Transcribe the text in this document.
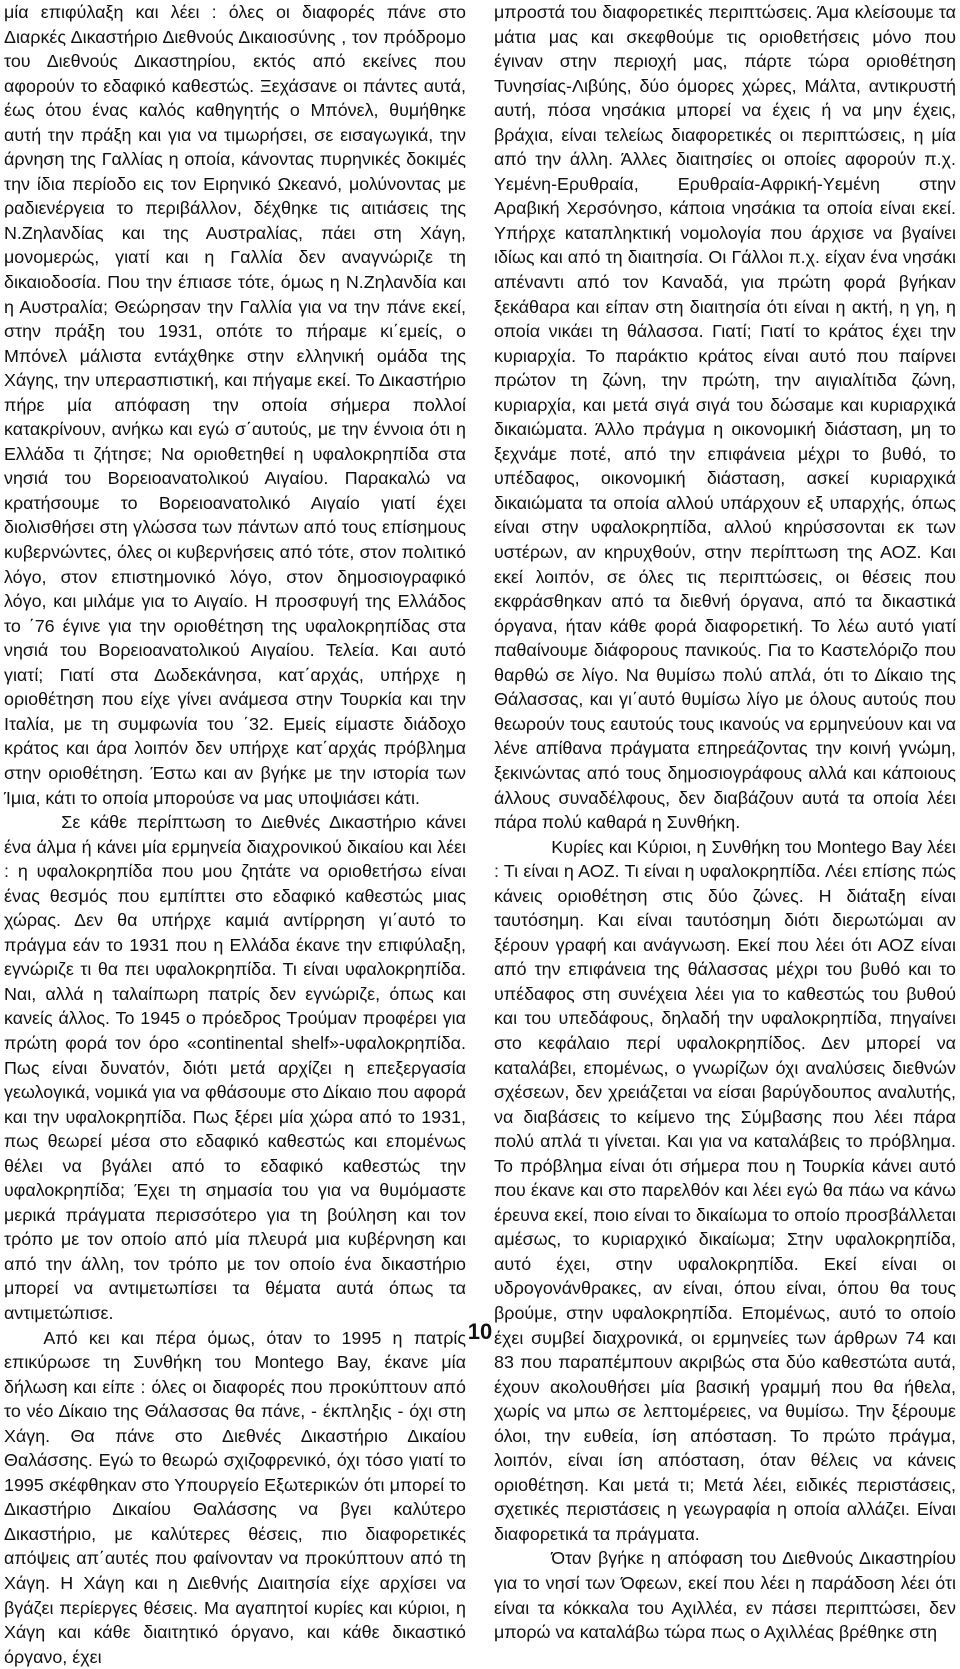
μία επιφύλαξη και λέει : όλες οι διαφορές πάνε στο Διαρκές Δικαστήριο Διεθνούς Δικαιοσύνης , τον πρόδρομο του Διεθνούς Δικαστηρίου, εκτός από εκείνες που αφορούν το εδαφικό καθεστώς. Ξεχάσανε οι πάντες αυτά, έως ότου ένας καλός καθηγητής ο Μπόνελ, θυμήθηκε αυτή την πράξη και για να τιμωρήσει, σε εισαγωγικά, την άρνηση της Γαλλίας η οποία, κάνοντας πυρηνικές δοκιμές την ίδια περίοδο εις τον Ειρηνικό Ωκεανό, μολύνοντας με ραδιενέργεια το περιβάλλον, δέχθηκε τις αιτιάσεις της Ν.Ζηλανδίας και της Αυστραλίας, πάει στη Χάγη, μονομερώς, γιατί και η Γαλλία δεν αναγνώριζε τη δικαιοδοσία. Που την έπιασε τότε, όμως η Ν.Ζηλανδία και η Αυστραλία; Θεώρησαν την Γαλλία για να την πάνε εκεί, στην πράξη του 1931, οπότε το πήραμε κι΄εμείς, ο Μπόνελ μάλιστα εντάχθηκε στην ελληνική ομάδα της Χάγης, την υπερασπιστική, και πήγαμε εκεί. Το Δικαστήριο πήρε μία απόφαση την οποία σήμερα πολλοί κατακρίνουν, ανήκω και εγώ σ΄αυτούς, με την έννοια ότι η Ελλάδα τι ζήτησε; Να οριοθετηθεί η υφαλοκρηπίδα στα νησιά του Βορειοανατολικού Αιγαίου. Παρακαλώ να κρατήσουμε το Βορειοανατολικό Αιγαίο γιατί έχει διολισθήσει στη γλώσσα των πάντων από τους επίσημους κυβερνώντες, όλες οι κυβερνήσεις από τότε, στον πολιτικό λόγο, στον επιστημονικό λόγο, στον δημοσιογραφικό λόγο, και μιλάμε για το Αιγαίο. Η προσφυγή της Ελλάδος το ΄76 έγινε για την οριοθέτηση της υφαλοκρηπίδας στα νησιά του Βορειοανατολικού Αιγαίου. Τελεία. Και αυτό γιατί; Γιατί στα Δωδεκάνησα, κατ΄αρχάς, υπήρχε η οριοθέτηση που είχε γίνει ανάμεσα στην Τουρκία και την Ιταλία, με τη συμφωνία του ΄32. Εμείς είμαστε διάδοχο κράτος και άρα λοιπόν δεν υπήρχε κατ΄αρχάς πρόβλημα στην οριοθέτηση. Έστω και αν βγήκε με την ιστορία των Ίμια, κάτι το οποία μπορούσε να μας υποψιάσει κάτι.

Σε κάθε περίπτωση το Διεθνές Δικαστήριο κάνει ένα άλμα ή κάνει μία ερμηνεία διαχρονικού δικαίου και λέει : η υφαλοκρηπίδα που μου ζητάτε να οριοθετήσω είναι ένας θεσμός που εμπίπτει στο εδαφικό καθεστώς μιας χώρας. Δεν θα υπήρχε καμιά αντίρρηση γι΄αυτό το πράγμα εάν το 1931 που η Ελλάδα έκανε την επιφύλαξη, εγνώριζε τι θα πει υφαλοκρηπίδα. Τι είναι υφαλοκρηπίδα. Ναι, αλλά η ταλαίπωρη πατρίς δεν εγνώριζε, όπως και κανείς άλλος. Το 1945 ο πρόεδρος Τρούμαν προφέρει για πρώτη φορά τον όρο «continental shelf»-υφαλοκρηπίδα. Πως είναι δυνατόν, διότι μετά αρχίζει η επεξεργασία γεωλογικά, νομικά για να φθάσουμε στο Δίκαιο που αφορά και την υφαλοκρηπίδα. Πως ξέρει μία χώρα από το 1931, πως θεωρεί μέσα στο εδαφικό καθεστώς και επομένως θέλει να βγάλει από το εδαφικό καθεστώς την υφαλοκρηπίδα; Έχει τη σημασία του για να θυμόμαστε μερικά πράγματα περισσότερο για τη βούληση και τον τρόπο με τον οποίο από μία πλευρά μια κυβέρνηση και από την άλλη, τον τρόπο με τον οποίο ένα δικαστήριο μπορεί να αντιμετωπίσει τα θέματα αυτά όπως τα αντιμετώπισε.

Από κει και πέρα όμως, όταν το 1995 η πατρίς επικύρωσε τη Συνθήκη του Montego Bay, έκανε μία δήλωση και είπε : όλες οι διαφορές που προκύπτουν από το νέο Δίκαιο της Θάλασσας θα πάνε, - έκπληξις - όχι στη Χάγη. Θα πάνε στο Διεθνές Δικαστήριο Δικαίου Θαλάσσης. Εγώ το θεωρώ σχιζοφρενικό, όχι τόσο γιατί το 1995 σκέφθηκαν στο Υπουργείο Εξωτερικών ότι μπορεί το Δικαστήριο Δικαίου Θαλάσσης να βγει καλύτερο Δικαστήριο, με καλύτερες θέσεις, πιο διαφορετικές απόψεις απ΄αυτές που φαίνονταν να προκύπτουν από τη Χάγη. Η Χάγη και η Διεθνής Διαιτησία είχε αρχίσει να βγάζει περίεργες θέσεις. Μα αγαπητοί κυρίες και κύριοι, η Χάγη και κάθε διαιτητικό όργανο, και κάθε δικαστικό όργανο, έχει

μπροστά του διαφορετικές περιπτώσεις. Άμα κλείσουμε τα μάτια μας και σκεφθούμε τις οριοθετήσεις μόνο που έγιναν στην περιοχή μας, πάρτε τώρα οριοθέτηση Τυνησίας-Λιβύης, δύο όμορες χώρες, Μάλτα, αντικρυστή αυτή, πόσα νησάκια μπορεί να έχεις ή να μην έχεις, βράχια, είναι τελείως διαφορετικές οι περιπτώσεις, η μία από την άλλη. Άλλες διαιτησίες οι οποίες αφορούν π.χ. Υεμένη-Ερυθραία, Ερυθραία-Αφρική-Υεμένη στην Αραβική Χερσόνησο, κάποια νησάκια τα οποία είναι εκεί. Υπήρχε καταπληκτική νομολογία που άρχισε να βγαίνει ιδίως και από τη διαιτησία. Οι Γάλλοι π.χ. είχαν ένα νησάκι απέναντι από τον Καναδά, για πρώτη φορά βγήκαν ξεκάθαρα και είπαν στη διαιτησία ότι είναι η ακτή, η γη, η οποία νικάει τη θάλασσα. Γιατί; Γιατί το κράτος έχει την κυριαρχία. Το παράκτιο κράτος είναι αυτό που παίρνει πρώτον τη ζώνη, την πρώτη, την αιγιαλίτιδα ζώνη, κυριαρχία, και μετά σιγά σιγά του δώσαμε και κυριαρχικά δικαιώματα. Άλλο πράγμα η οικονομική διάσταση, μη το ξεχνάμε ποτέ, από την επιφάνεια μέχρι το βυθό, το υπέδαφος, οικονομική διάσταση, ασκεί κυριαρχικά δικαιώματα τα οποία αλλού υπάρχουν εξ υπαρχής, όπως είναι στην υφαλοκρηπίδα, αλλού κηρύσσονται εκ των υστέρων, αν κηρυχθούν, στην περίπτωση της ΑΟΖ. Και εκεί λοιπόν, σε όλες τις περιπτώσεις, οι θέσεις που εκφράσθηκαν από τα διεθνή όργανα, από τα δικαστικά όργανα, ήταν κάθε φορά διαφορετική. Το λέω αυτό γιατί παθαίνουμε διάφορους πανικούς. Για το Καστελόριζο που θαρθώ σε λίγο. Να θυμίσω πολύ απλά, ότι το Δίκαιο της Θάλασσας, και γι΄αυτό θυμίσω λίγο με όλους αυτούς που θεωρούν τους εαυτούς τους ικανούς να ερμηνεύουν και να λένε απίθανα πράγματα επηρεάζοντας την κοινή γνώμη, ξεκινώντας από τους δημοσιογράφους αλλά και κάποιους άλλους συναδέλφους, δεν διαβάζουν αυτά τα οποία λέει πάρα πολύ καθαρά η Συνθήκη.

Κυρίες και Κύριοι, η Συνθήκη του Montego Bay λέει : Τι είναι η ΑΟΖ. Τι είναι η υφαλοκρηπίδα. Λέει επίσης πώς κάνεις οριοθέτηση στις δύο ζώνες. Η διάταξη είναι ταυτόσημη. Και είναι ταυτόσημη διότι διερωτώμαι αν ξέρουν γραφή και ανάγνωση. Εκεί που λέει ότι ΑΟΖ είναι από την επιφάνεια της θάλασσας μέχρι του βυθό και το υπέδαφος στη συνέχεια λέει για το καθεστώς του βυθού και του υπεδάφους, δηλαδή την υφαλοκρηπίδα, πηγαίνει στο κεφάλαιο περί υφαλοκρηπίδος. Δεν μπορεί να καταλάβει, επομένως, ο γνωρίζων όχι αναλύσεις διεθνών σχέσεων, δεν χρειάζεται να είσαι βαρύγδουπος αναλυτής, να διαβάσεις το κείμενο της Σύμβασης που λέει πάρα πολύ απλά τι γίνεται. Και για να καταλάβεις το πρόβλημα. Το πρόβλημα είναι ότι σήμερα που η Τουρκία κάνει αυτό που έκανε και στο παρελθόν και λέει εγώ θα πάω να κάνω έρευνα εκεί, ποιο είναι το δικαίωμα το οποίο προσβάλλεται αμέσως, το κυριαρχικό δικαίωμα; Στην υφαλοκρηπίδα, αυτό έχει, στην υφαλοκρηπίδα. Εκεί είναι οι υδρογονάνθρακες, αν είναι, όπου είναι, όπου θα τους βρούμε, στην υφαλοκρηπίδα. Επομένως, αυτό το οποίο έχει συμβεί διαχρονικά, οι ερμηνείες των άρθρων 74 και 83 που παραπέμπουν ακριβώς στα δύο καθεστώτα αυτά, έχουν ακολουθήσει μία βασική γραμμή που θα ήθελα, χωρίς να μπω σε λεπτομέρειες, να θυμίσω. Την ξέρουμε όλοι, την ευθεία, ίση απόσταση. Το πρώτο πράγμα, λοιπόν, είναι ίση απόσταση, όταν θέλεις να κάνεις οριοθέτηση. Και μετά τι; Μετά λέει, ειδικές περιστάσεις, σχετικές περιστάσεις η γεωγραφία η οποία αλλάζει. Είναι διαφορετικά τα πράγματα.

Όταν βγήκε η απόφαση του Διεθνούς Δικαστηρίου για το νησί των Όφεων, εκεί που λέει η παράδοση λέει ότι είναι τα κόκκαλα του Αχιλλέα, εν πάσει περιπτώσει, δεν μπορώ να καταλάβω τώρα πως ο Αχιλλέας βρέθηκε στη

10
